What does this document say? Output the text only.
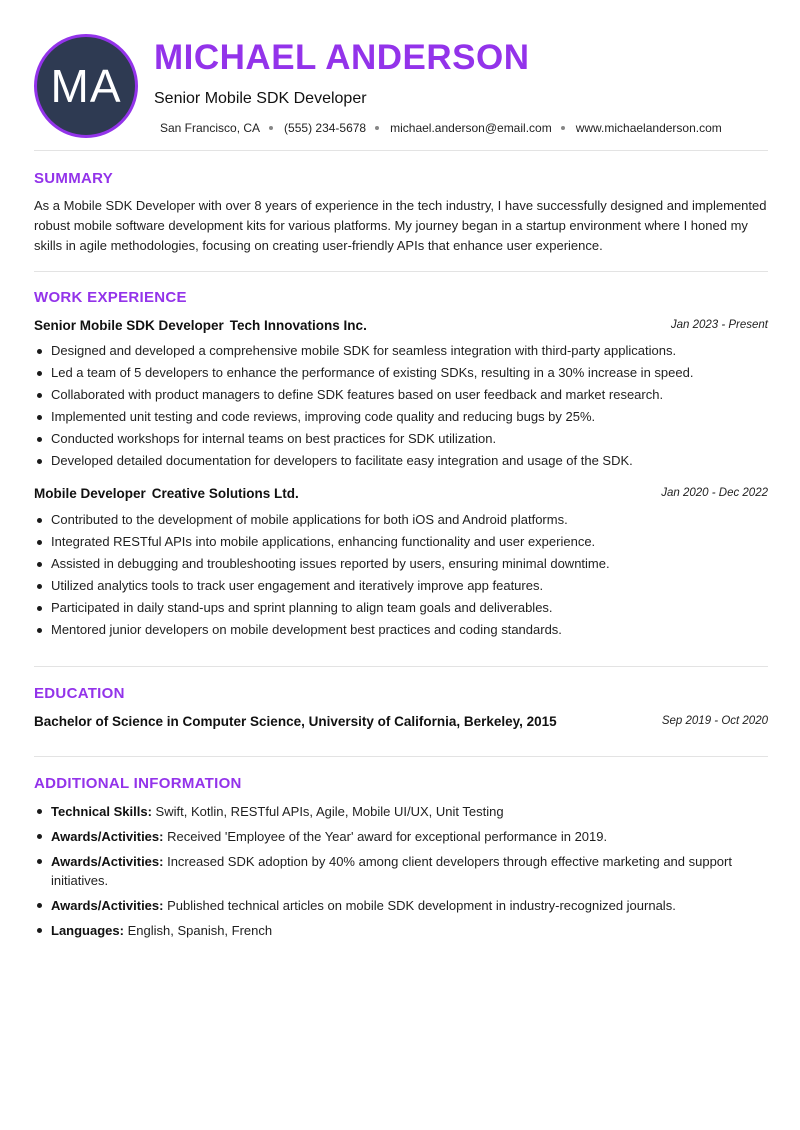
MA
MICHAEL ANDERSON
Senior Mobile SDK Developer
San Francisco, CA (555) 234-5678 michael.anderson@email.com www.michaelanderson.com
SUMMARY
As a Mobile SDK Developer with over 8 years of experience in the tech industry, I have successfully designed and implemented robust mobile software development kits for various platforms. My journey began in a startup environment where I honed my skills in agile methodologies, focusing on creating user-friendly APIs that enhance user experience.
WORK EXPERIENCE
Senior Mobile SDK Developer Tech Innovations Inc.	Jan 2023 - Present
Designed and developed a comprehensive mobile SDK for seamless integration with third-party applications.
Led a team of 5 developers to enhance the performance of existing SDKs, resulting in a 30% increase in speed.
Collaborated with product managers to define SDK features based on user feedback and market research.
Implemented unit testing and code reviews, improving code quality and reducing bugs by 25%.
Conducted workshops for internal teams on best practices for SDK utilization.
Developed detailed documentation for developers to facilitate easy integration and usage of the SDK.
Mobile Developer Creative Solutions Ltd.	Jan 2020 - Dec 2022
Contributed to the development of mobile applications for both iOS and Android platforms.
Integrated RESTful APIs into mobile applications, enhancing functionality and user experience.
Assisted in debugging and troubleshooting issues reported by users, ensuring minimal downtime.
Utilized analytics tools to track user engagement and iteratively improve app features.
Participated in daily stand-ups and sprint planning to align team goals and deliverables.
Mentored junior developers on mobile development best practices and coding standards.
EDUCATION
Bachelor of Science in Computer Science, University of California, Berkeley, 2015	Sep 2019 - Oct 2020
ADDITIONAL INFORMATION
Technical Skills: Swift, Kotlin, RESTful APIs, Agile, Mobile UI/UX, Unit Testing
Awards/Activities: Received 'Employee of the Year' award for exceptional performance in 2019.
Awards/Activities: Increased SDK adoption by 40% among client developers through effective marketing and support initiatives.
Awards/Activities: Published technical articles on mobile SDK development in industry-recognized journals.
Languages: English, Spanish, French
